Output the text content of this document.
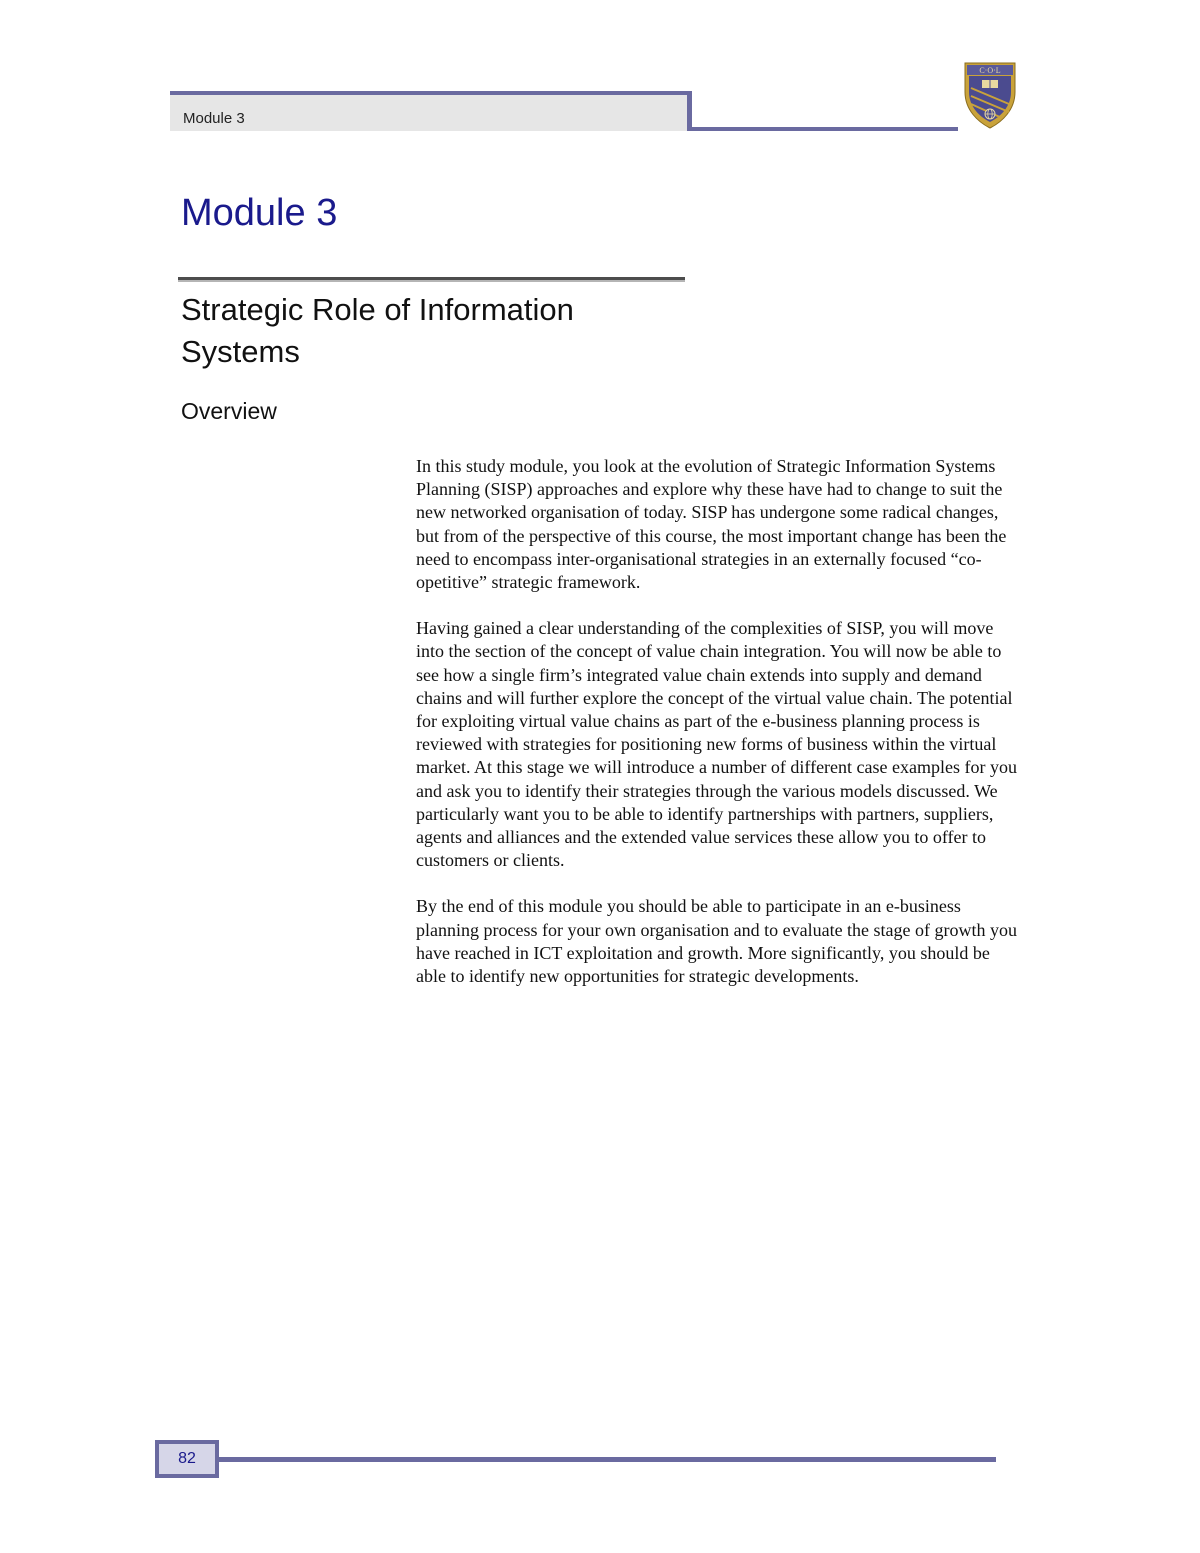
Module 3
C·O·L
Module 3
Strategic Role of Information Systems
Overview

In this study module, you look at the evolution of Strategic Information Systems Planning (SISP) approaches and explore why these have had to change to suit the new networked organisation of today. SISP has undergone some radical changes, but from of the perspective of this course, the most important change has been the need to encompass inter-organisational strategies in an externally focused “co-opetitive” strategic framework.

Having gained a clear understanding of the complexities of SISP, you will move into the section of the concept of value chain integration. You will now be able to see how a single firm’s integrated value chain extends into supply and demand chains and will further explore the concept of the virtual value chain. The potential for exploiting virtual value chains as part of the e-business planning process is reviewed with strategies for positioning new forms of business within the virtual market. At this stage we will introduce a number of different case examples for you and ask you to identify their strategies through the various models discussed. We particularly want you to be able to identify partnerships with partners, suppliers, agents and alliances and the extended value services these allow you to offer to customers or clients.

By the end of this module you should be able to participate in an e-business planning process for your own organisation and to evaluate the stage of growth you have reached in ICT exploitation and growth. More significantly, you should be able to identify new opportunities for strategic developments.

82
